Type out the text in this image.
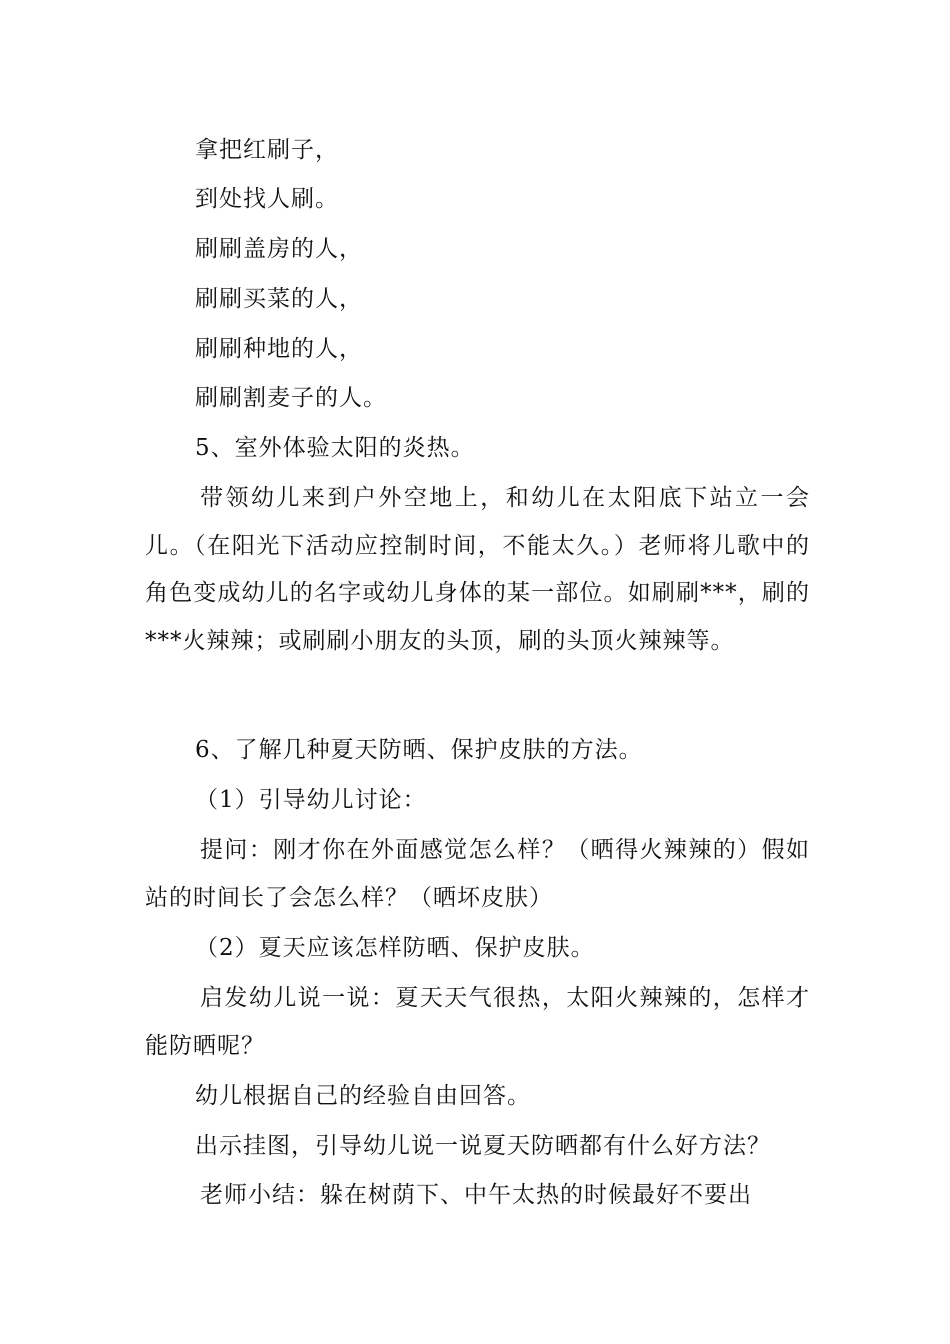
拿把红刷子，
到处找人刷。
刷刷盖房的人，
刷刷买菜的人，
刷刷种地的人，
刷刷割麦子的人。
5、室外体验太阳的炎热。
带领幼儿来到户外空地上，和幼儿在太阳底下站立一会儿。（在阳光下活动应控制时间，不能太久。）老师将儿歌中的角色变成幼儿的名字或幼儿身体的某一部位。如刷刷***，刷的***火辣辣；或刷刷小朋友的头顶，刷的头顶火辣辣等。
6、了解几种夏天防晒、保护皮肤的方法。
（1）引导幼儿讨论：
提问：刚才你在外面感觉怎么样？（晒得火辣辣的）假如站的时间长了会怎么样？（晒坏皮肤）
（2）夏天应该怎样防晒、保护皮肤。
启发幼儿说一说：夏天天气很热，太阳火辣辣的，怎样才能防晒呢？
幼儿根据自己的经验自由回答。
出示挂图，引导幼儿说一说夏天防晒都有什么好方法？
老师小结：躲在树荫下、中午太热的时候最好不要出
